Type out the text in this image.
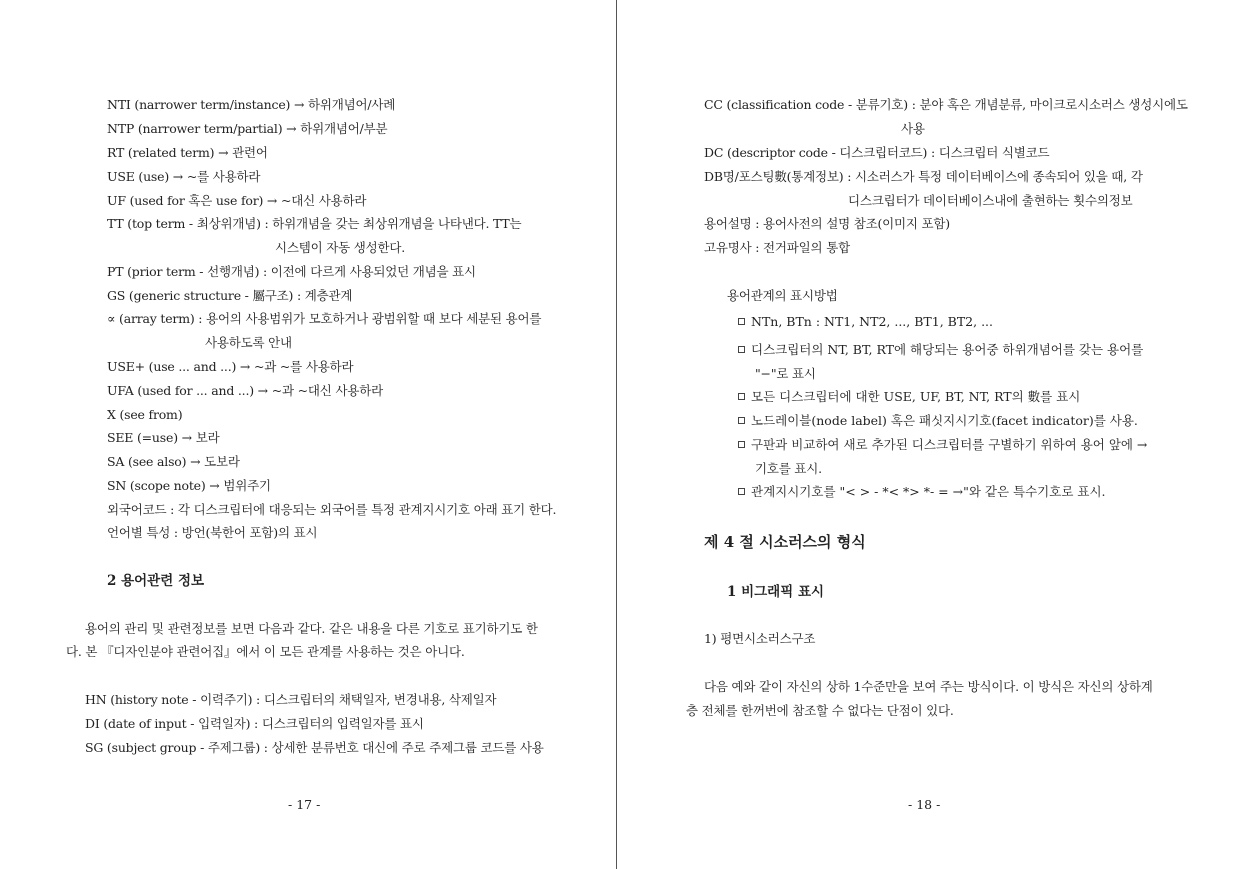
NTI (narrower term/instance) → 하위개념어/사례
NTP (narrower term/partial) → 하위개념어/부분
RT (related term) → 관련어
USE (use) → ~를 사용하라
UF (used for 혹은 use for) → ~대신 사용하라
TT (top term - 최상위개념) : 하위개념을 갖는 최상위개념을 나타낸다. TT는
시스템이 자동 생성한다.
PT (prior term - 선행개념) : 이전에 다르게 사용되었던 개념을 표시
GS (generic structure - 屬구조) : 계층관계
∝ (array term) : 용어의 사용범위가 모호하거나 광범위할 때 보다 세분된 용어를
사용하도록 안내
USE+ (use ... and ...) → ~과 ~를 사용하라
UFA (used for ... and ...) → ~과 ~대신 사용하라
X (see from)
SEE (=use) → 보라
SA (see also) → 도보라
SN (scope note) → 범위주기
외국어코드 : 각 디스크립터에 대응되는 외국어를 특정 관계지시기호 아래 표기 한다.
언어별 특성 : 방언(북한어 포함)의 표시
2 용어관련 정보
용어의 관리 및 관련정보를 보면 다음과 같다. 같은 내용을 다른 기호로 표기하기도 한
다. 본 『디자인분야 관련어집』에서 이 모든 관계를 사용하는 것은 아니다.
HN (history note - 이력주기) : 디스크립터의 채택일자, 변경내용, 삭제일자
DI (date of input - 입력일자) : 디스크립터의 입력일자를 표시
SG (subject group - 주제그룹) : 상세한 분류번호 대신에 주로 주제그룹 코드를 사용
- 17 -
CC (classification code - 분류기호) : 분야 혹은 개념분류, 마이크로시소러스 생성시에도
사용
DC (descriptor code - 디스크립터코드) : 디스크립터 식별코드
DB명/포스팅數(통계정보) : 시소러스가 특정 데이터베이스에 종속되어 있을 때, 각
디스크립터가 데이터베이스내에 출현하는 횟수의정보
용어설명 : 용어사전의 설명 참조(이미지 포함)
고유명사 : 전거파일의 통합
용어관계의 표시방법
NTn, BTn : NT1, NT2, ..., BT1, BT2, ...
디스크립터의 NT, BT, RT에 해당되는 용어중 하위개념어를 갖는 용어를
"−"로 표시
모든 디스크립터에 대한 USE, UF, BT, NT, RT의 數를 표시
노드레이블(node label) 혹은 패싯지시기호(facet indicator)를 사용.
구판과 비교하여 새로 추가된 디스크립터를 구별하기 위하여 용어 앞에 →
기호를 표시.
관계지시기호를 "< > - *< *> *- = →"와 같은 특수기호로 표시.
제 4 절 시소러스의 형식
1 비그래픽 표시
1) 평면시소러스구조
다음 예와 같이 자신의 상하 1수준만을 보여 주는 방식이다. 이 방식은 자신의 상하계
층 전체를 한꺼번에 참조할 수 없다는 단점이 있다.
- 18 -
